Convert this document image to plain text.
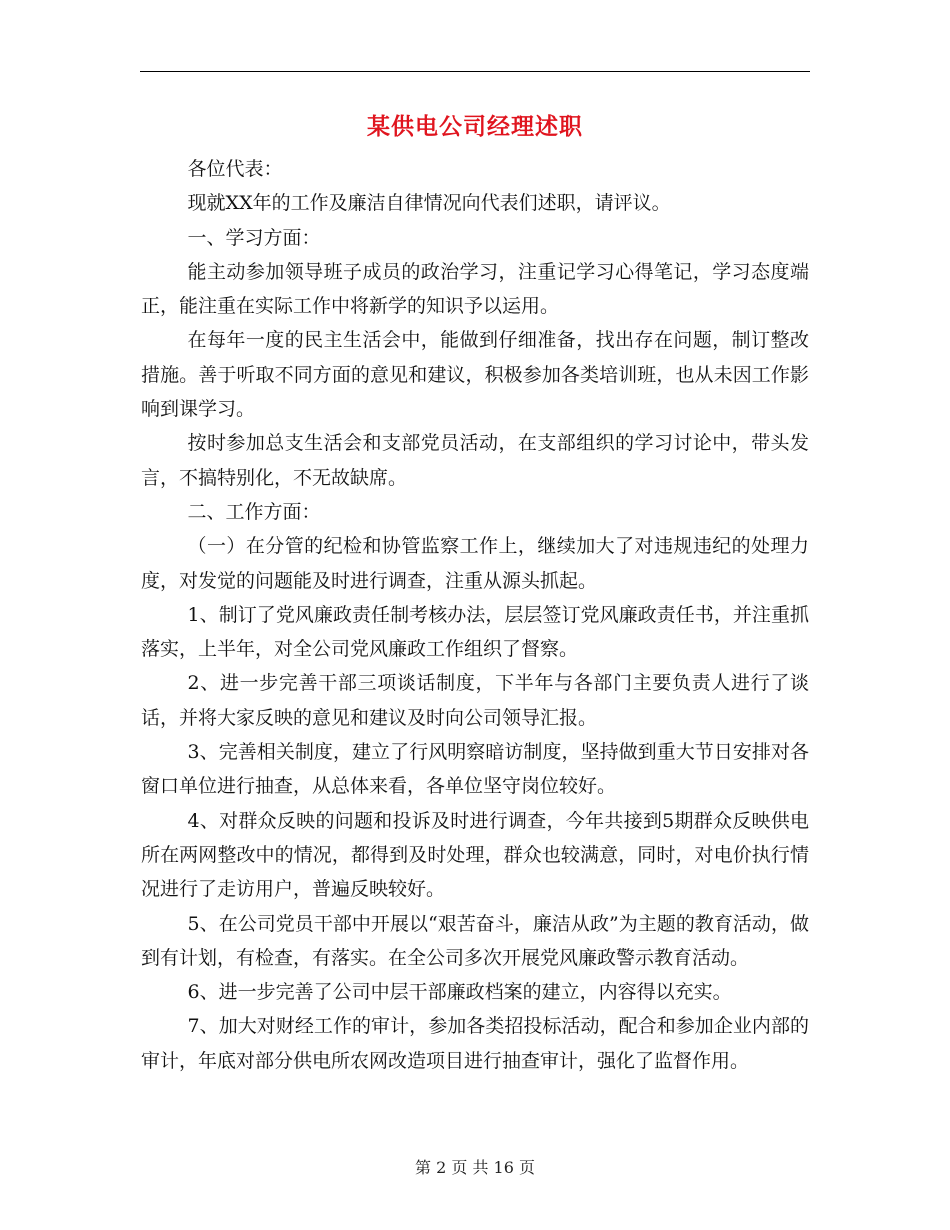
某供电公司经理述职

各位代表：

现就XX年的工作及廉洁自律情况向代表们述职，请评议。

一、学习方面：

能主动参加领导班子成员的政治学习，注重记学习心得笔记，学习态度端正，能注重在实际工作中将新学的知识予以运用。

在每年一度的民主生活会中，能做到仔细准备，找出存在问题，制订整改措施。善于听取不同方面的意见和建议，积极参加各类培训班，也从未因工作影响到课学习。

按时参加总支生活会和支部党员活动，在支部组织的学习讨论中，带头发言，不搞特别化，不无故缺席。

二、工作方面：

（一）在分管的纪检和协管监察工作上，继续加大了对违规违纪的处理力度，对发觉的问题能及时进行调查，注重从源头抓起。

1、制订了党风廉政责任制考核办法，层层签订党风廉政责任书，并注重抓落实，上半年，对全公司党风廉政工作组织了督察。

2、进一步完善干部三项谈话制度，下半年与各部门主要负责人进行了谈话，并将大家反映的意见和建议及时向公司领导汇报。

3、完善相关制度，建立了行风明察暗访制度，坚持做到重大节日安排对各窗口单位进行抽查，从总体来看，各单位坚守岗位较好。

4、对群众反映的问题和投诉及时进行调查，今年共接到5期群众反映供电所在两网整改中的情况，都得到及时处理，群众也较满意，同时，对电价执行情况进行了走访用户，普遍反映较好。

5、在公司党员干部中开展以“艰苦奋斗，廉洁从政”为主题的教育活动，做到有计划，有检查，有落实。在全公司多次开展党风廉政警示教育活动。

6、进一步完善了公司中层干部廉政档案的建立，内容得以充实。

7、加大对财经工作的审计，参加各类招投标活动，配合和参加企业内部的审计，年底对部分供电所农网改造项目进行抽查审计，强化了监督作用。

第 2 页 共 16 页
